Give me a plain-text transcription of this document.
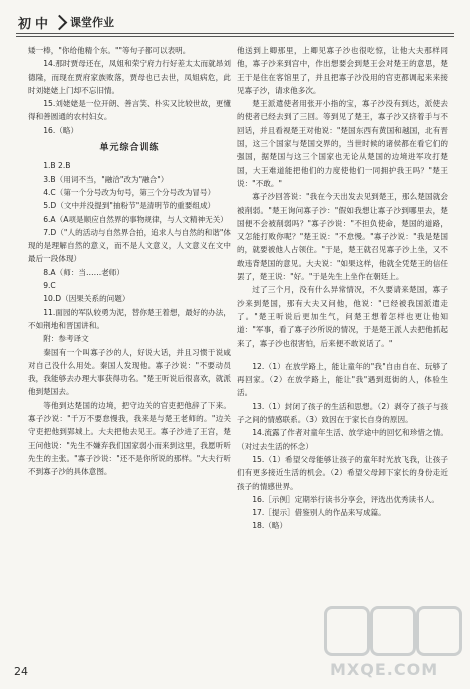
初中 课堂作业

矮一棒，"你给他精个东。""等句子都可以表明。

14.那时贾母还在，凤姐和荣宁府力行好差太太而就昂刘德隆，而现在贾府家族败落，贾母也已去世，凤姐病危，此时刘姥姥上门却不忘旧情。

15.刘姥姥是一位开朗、善言笑、朴实又比较世故，更懂得和善圆通的农村妇女。

16.（略）

单元综合训练

1.B 2.B

3.B（用词不当，"融洽"改为"融合"）

4.C（第一个分号改为句号，第三个分号改为冒号）

5.D（文中并没提到"抽粉节"是清明节的重要组成）

6.A（A项是顺应自然界的事物规律，与人文精神无关）

7.D（"人的活动与自然界合拍，追求人与自然的和谐"体现的是理解自然的意义，而不是人文意义，人文意义在文中最后一段体现）

8.A（师：当……老师）

9.C

10.D（因果关系的问题）

11.面园的军队较勇为泥，替你楚王着想，最好的办法，不如荆地和晋国讲和。

附：参考译文

秦国有一个叫寡子沙的人，好说大话，并且习惯于说咸对自己没什么用处。秦国人发现他。寡子沙说："不要动员我，我能够去办理大事获得功名。"楚王听说后很喜欢，就派他到楚国去。

等他到达楚国的边境，把守边关的官吏把他辞了下来。寡子沙说："千万不要怠慢我，我来是与楚王老师的。"边关守吏把他到郢城上。大夫把他去见王。寡子沙进了王宫，楚王问他说："先生不嫌弃我们国家弱小而来到这里，我愿听听先生的主张。"寡子沙说："还不是你所说的那样。"大夫行听不到寡子沙的具体意图。

他送到上卿那里，上卿见寡子沙也很吃惊，让他大夫那样同他，寡子沙来到宫中，作出想要会到楚王会对楚王的意思，楚王于是住在客馆里了，并且把寡子沙没用的官吏都调起来来接见寡子沙，请求他多次。

楚王派遣使者用张开小指的宝，寡子沙没有到达，派使去的使者已经去到了三回。等到见了楚王，寡子沙又挤着手与不回话，并且看视楚王对他说："楚国东西有黄国和越国，北有晋国，这三个国家与楚国交界的，当世时候的诸侯都在看它们的强国，据楚国与这三个国家也无论从楚国的边境进军攻打楚国，大王难道能把他们的力度使他们一同拥护我王吗？"楚王说："不敢。"

寡子沙回答说："我在今天出发去见到楚王，那么楚国就会被削弱。"楚王询问寡子沙："假如我想让寡子沙到哪里去，楚国便不会被削弱吗？"寡子沙说："不担负使命，楚国的道路，又怎能打败你呢？"楚王说："不怠慢。"寡子沙说："我是楚国的，就要被他人占领住。"于是，楚王就召见寡子沙上坐，又不敢违背楚国的意见。大夫说："如果这样，他就全凭楚王的信任罢了，楚王说："好。"于是先生上坐作在朝廷上。

过了三个月，没有什么异常情况，不久要请来楚国，寡子沙来到楚国，那有大夫又问他，他说："已经被我国派遣走了。"楚王听说后更加生气，问楚王想着怎样也更让他知道："军事，看了寡子沙所说的情况，于是楚王派人去把他抓起来了，寡子沙也很害怕，后来便不敢说话了。"

12.（1）在放学路上，能让童年的"我"自由自在、玩够了再回家。（2）在放学路上，能让"我"遇到逛街的人，体验生活。

13.（1）封闭了孩子的生活和思想。（2）剥夺了孩子与孩子之间的情感联系。（3）致因在于家长自身的原因。

14.流露了作者对童年生活、放学途中的回忆和珍惜之情。（对过去生活的怀念）

15.（1）希望父母能够让孩子的童年时光放飞我，让孩子们有更多接近生活的机会。（2）希望父母卸下家长的身份走近孩子的情感世界。

16.［示例］定期举行读书分享会，评选出优秀读书人。

17.［提示］借鉴别人的作品来写成篇。

18.（略）

24	MXQE.COM
